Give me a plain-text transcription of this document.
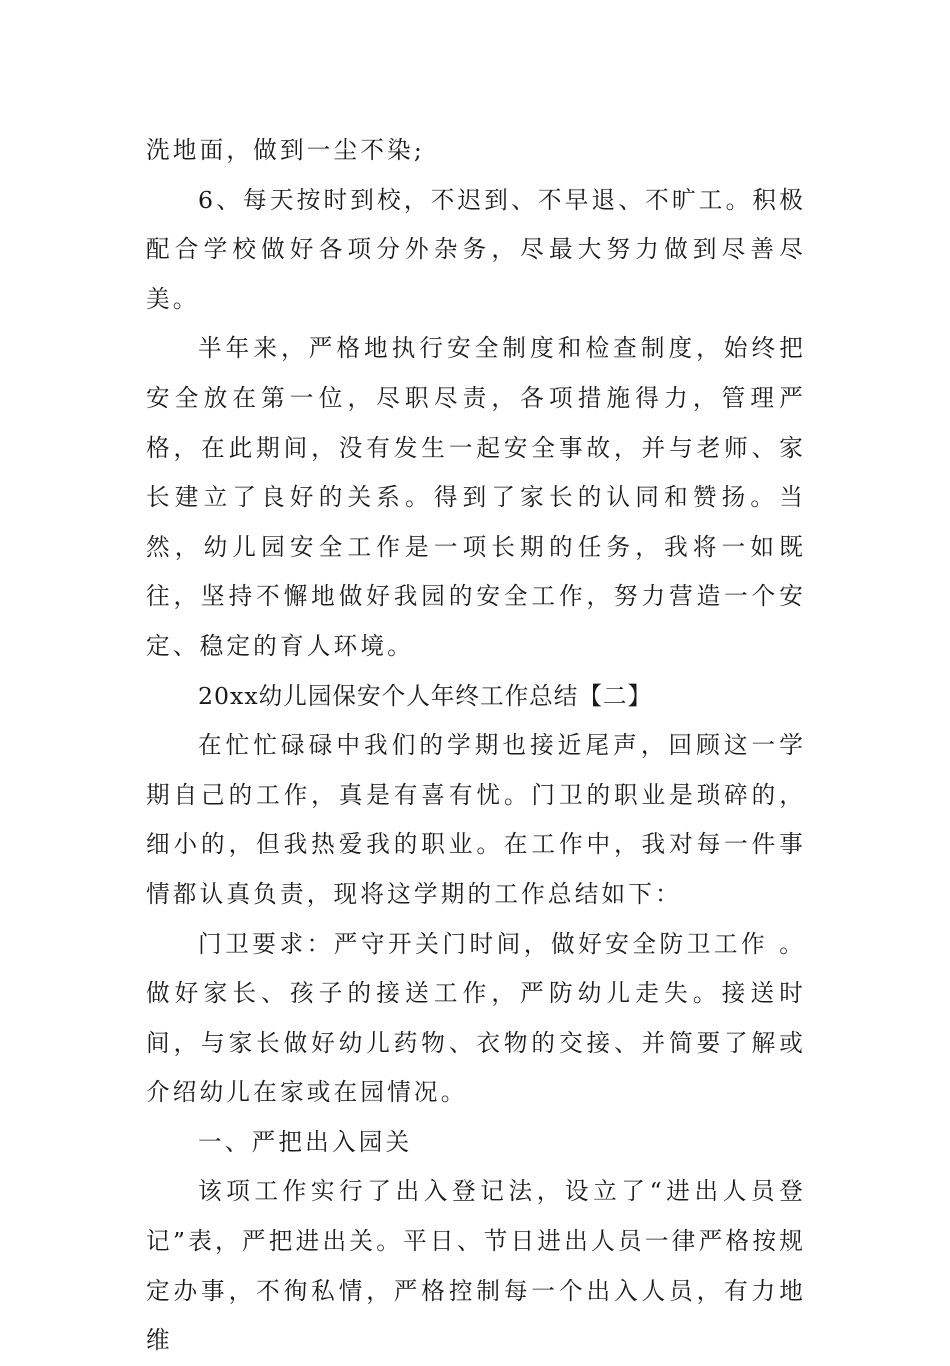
洗地面，做到一尘不染;

6、每天按时到校，不迟到、不早退、不旷工。积极配合学校做好各项分外杂务，尽最大努力做到尽善尽美。

半年来，严格地执行安全制度和检查制度，始终把安全放在第一位，尽职尽责，各项措施得力，管理严格，在此期间，没有发生一起安全事故，并与老师、家长建立了良好的关系。得到了家长的认同和赞扬。当然，幼儿园安全工作是一项长期的任务，我将一如既往，坚持不懈地做好我园的安全工作，努力营造一个安定、稳定的育人环境。

20xx幼儿园保安个人年终工作总结【二】

在忙忙碌碌中我们的学期也接近尾声，回顾这一学期自己的工作，真是有喜有忧。门卫的职业是琐碎的，细小的，但我热爱我的职业。在工作中，我对每一件事情都认真负责，现将这学期的工作总结如下：

门卫要求：严守开关门时间，做好安全防卫工作 。做好家长、孩子的接送工作，严防幼儿走失。接送时间，与家长做好幼儿药物、衣物的交接、并简要了解或介绍幼儿在家或在园情况。

一、严把出入园关

该项工作实行了出入登记法，设立了“进出人员登记”表，严把进出关。平日、节日进出人员一律严格按规定办事，不徇私情，严格控制每一个出入人员，有力地维
